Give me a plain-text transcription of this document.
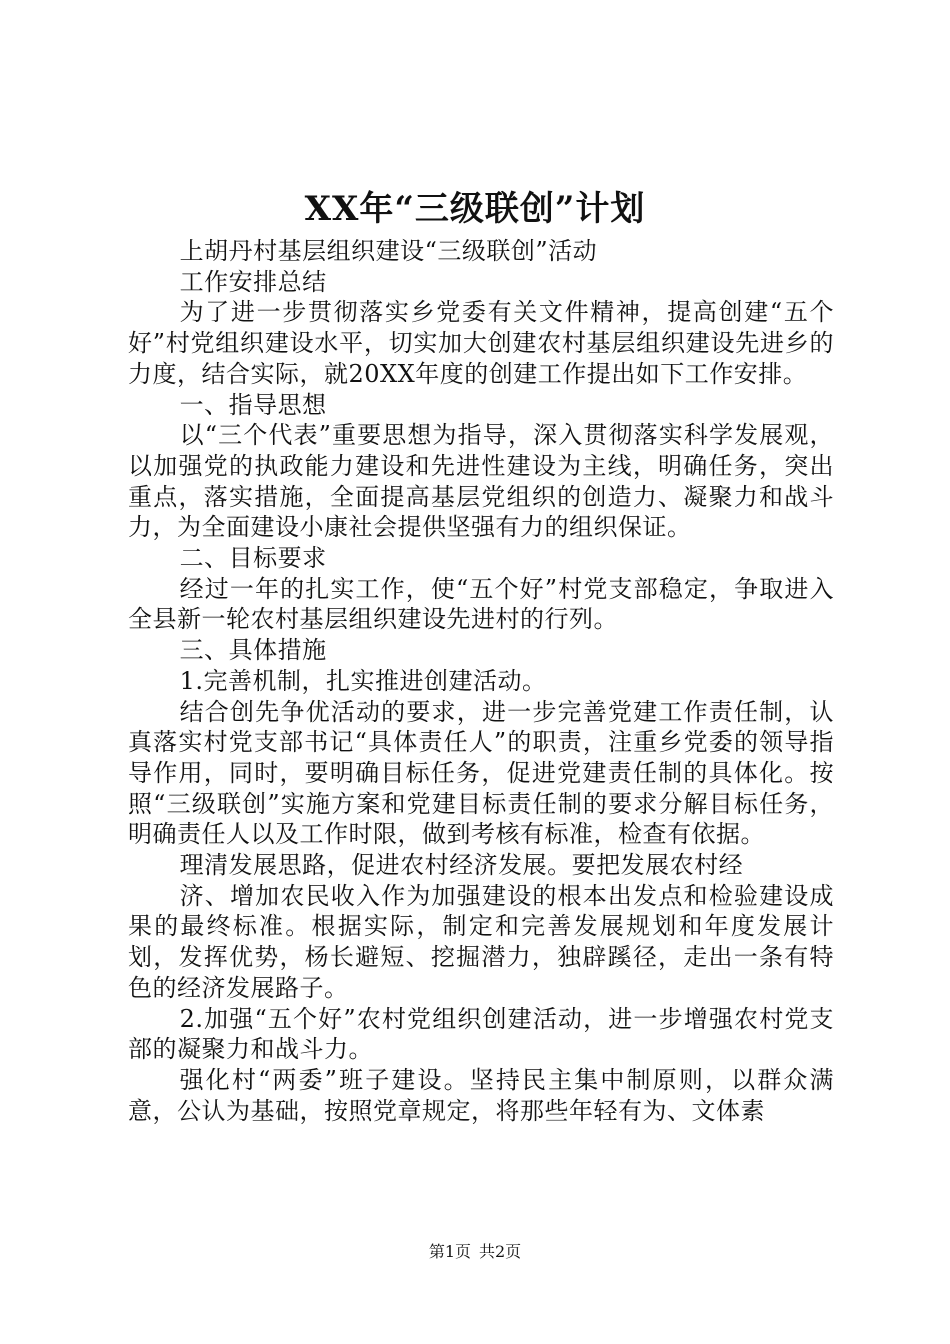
XX年“三级联创”计划

上胡丹村基层组织建设“三级联创”活动

工作安排总结

为了进一步贯彻落实乡党委有关文件精神，提高创建“五个好”村党组织建设水平，切实加大创建农村基层组织建设先进乡的力度，结合实际，就20XX年度的创建工作提出如下工作安排。

一、指导思想

以“三个代表”重要思想为指导，深入贯彻落实科学发展观，以加强党的执政能力建设和先进性建设为主线，明确任务，突出重点，落实措施，全面提高基层党组织的创造力、凝聚力和战斗力，为全面建设小康社会提供坚强有力的组织保证。

二、目标要求

经过一年的扎实工作，使“五个好”村党支部稳定，争取进入全县新一轮农村基层组织建设先进村的行列。

三、具体措施

1.完善机制，扎实推进创建活动。

结合创先争优活动的要求，进一步完善党建工作责任制，认真落实村党支部书记“具体责任人”的职责，注重乡党委的领导指导作用，同时，要明确目标任务，促进党建责任制的具体化。按照“三级联创”实施方案和党建目标责任制的要求分解目标任务，明确责任人以及工作时限，做到考核有标准，检查有依据。

理清发展思路，促进农村经济发展。要把发展农村经

济、增加农民收入作为加强建设的根本出发点和检验建设成果的最终标准。根据实际，制定和完善发展规划和年度发展计划，发挥优势，杨长避短、挖掘潜力，独辟蹊径，走出一条有特色的经济发展路子。

2.加强“五个好”农村党组织创建活动，进一步增强农村党支部的凝聚力和战斗力。

强化村“两委”班子建设。坚持民主集中制原则，以群众满意，公认为基础，按照党章规定，将那些年轻有为、文体素

第1页 共2页
